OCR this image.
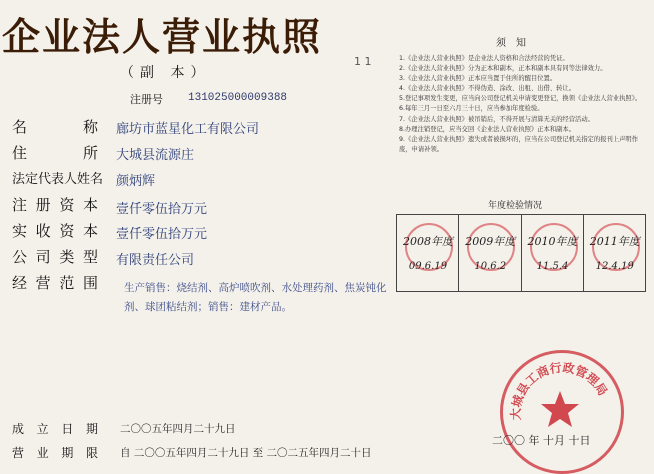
企业法人营业执照
（副 本）
注册号 131025000009388
名	称 廊坊市蓝星化工有限公司
住	所 大城县流源庄
法定代表人姓名 颜炳辉
注 册 资 本 壹仟零伍拾万元
实 收 资 本 壹仟零伍拾万元
公 司 类 型 有限责任公司
经 营 范 围 生产销售：烧结剂、高炉喷吹剂、水处理药剂、焦炭钝化剂、球团粘结剂；销售：建材产品。
成 立 日 期 二〇〇五年四月二十九日
营 业 期 限 自 二〇〇五年四月二十九日 至 二〇二五年四月二十日
1 1
须知

1.《企业法人营业执照》是企业法人资格和合法经营的凭证。

2.《企业法人营业执照》分为正本和副本，正本和副本具有同等法律效力。

3.《企业法人营业执照》正本应当置于住所的醒目位置。

4.《企业法人营业执照》不得伪造、涂改、出租、出借、转让。

5.登记事项发生变更，应当向公司登记机关申请变更登记，换领《企业法人营业执照》。

6.每年三月一日至六月三十日，应当参加年度检验。

7.《企业法人营业执照》被吊销后，不得开展与清算无关的经营活动。

8.办理注销登记，应当交回《企业法人营业执照》正本和副本。

9.《企业法人营业执照》遗失或者被损坏的，应当在公司登记机关指定的报刊上声明作废，申请补领。

年度检验情况
2008年度
09.6.19
2009年度
10.6.2
2010年度
11.5.4
2011年度
12.4.19
大城县工商行政管理局
二〇〇 年 十月 十日
